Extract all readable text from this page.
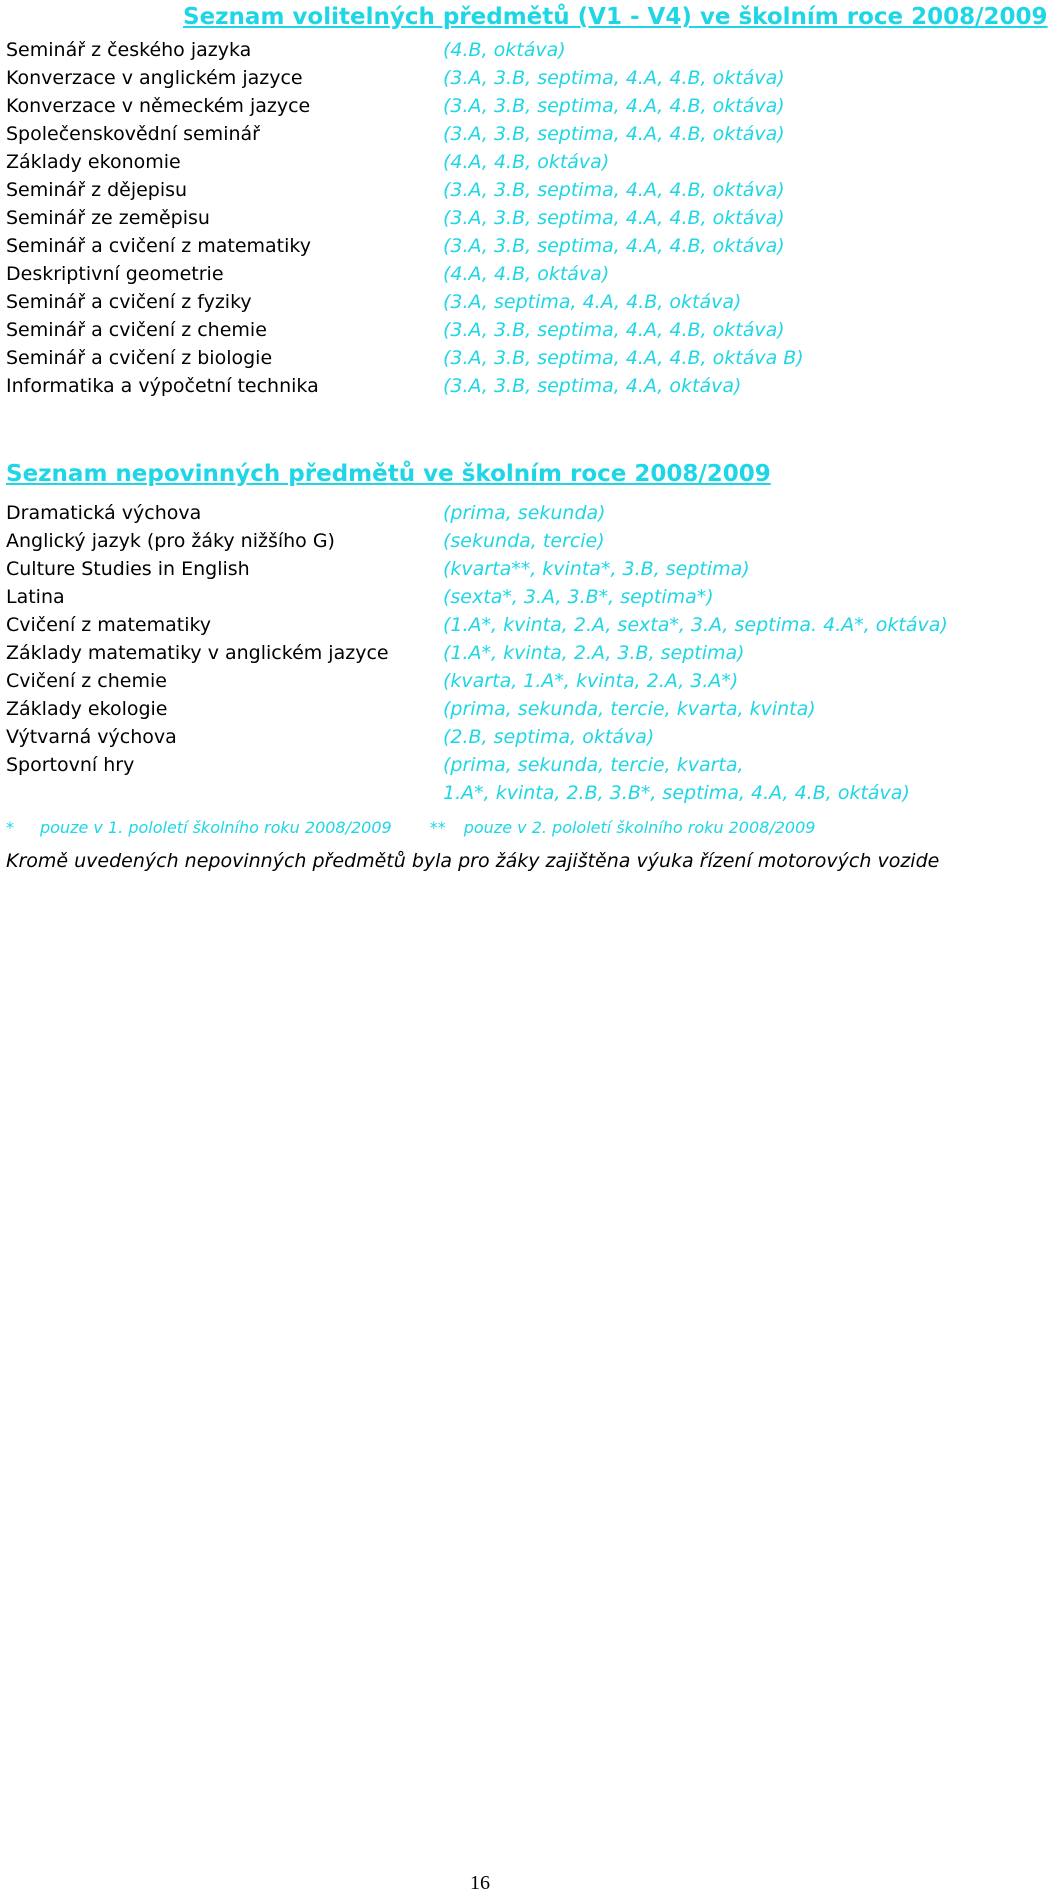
Seznam volitelných předmětů (V1 - V4) ve školním roce 2008/2009
Seminář z českého jazyka	(4.B, oktáva)
Konverzace v anglickém jazyce	(3.A, 3.B, septima, 4.A, 4.B, oktáva)
Konverzace v německém jazyce	(3.A, 3.B, septima, 4.A, 4.B, oktáva)
Společenskovědní seminář	(3.A, 3.B, septima, 4.A, 4.B, oktáva)
Základy ekonomie	(4.A, 4.B, oktáva)
Seminář z dějepisu	(3.A, 3.B, septima, 4.A, 4.B, oktáva)
Seminář ze zeměpisu	(3.A, 3.B, septima, 4.A, 4.B, oktáva)
Seminář a cvičení z matematiky	(3.A, 3.B, septima, 4.A, 4.B, oktáva)
Deskriptivní geometrie	(4.A, 4.B, oktáva)
Seminář a cvičení z fyziky	(3.A, septima, 4.A, 4.B, oktáva)
Seminář a cvičení z chemie	(3.A, 3.B, septima, 4.A, 4.B, oktáva)
Seminář a cvičení z biologie	(3.A, 3.B, septima, 4.A, 4.B, oktáva B)
Informatika a výpočetní technika	(3.A, 3.B, septima, 4.A, oktáva)
Seznam nepovinných předmětů ve školním roce 2008/2009
Dramatická výchova	(prima, sekunda)
Anglický jazyk (pro žáky nižšího G)	(sekunda, tercie)
Culture Studies in English	(kvarta**, kvinta*, 3.B, septima)
Latina	(sexta*, 3.A, 3.B*, septima*)
Cvičení z matematiky	(1.A*, kvinta, 2.A, sexta*, 3.A, septima. 4.A*, oktáva)
Základy matematiky v anglickém jazyce	(1.A*, kvinta, 2.A, 3.B, septima)
Cvičení z chemie	(kvarta, 1.A*, kvinta, 2.A, 3.A*)
Základy ekologie	(prima, sekunda, tercie, kvarta, kvinta)
Výtvarná výchova	(2.B, septima, oktáva)
Sportovní hry	(prima, sekunda, tercie, kvarta,
1.A*, kvinta, 2.B, 3.B*, septima, 4.A, 4.B, oktáva)
* pouze v 1. pololetí školního roku 2008/2009 ** pouze v 2. pololetí školního roku 2008/2009
Kromě uvedených nepovinných předmětů byla pro žáky zajištěna výuka řízení motorových vozide
16
